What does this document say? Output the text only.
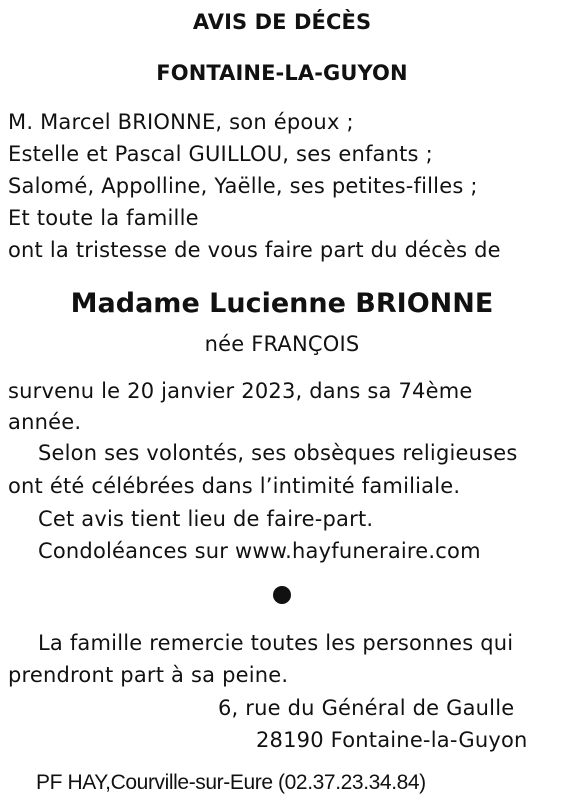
AVIS DE DÉCÈS
FONTAINE-LA-GUYON
M. Marcel BRIONNE, son époux ;
Estelle et Pascal GUILLOU, ses enfants ;
Salomé, Appolline, Yaëlle, ses petites-filles ;
Et toute la famille
ont la tristesse de vous faire part du décès de
Madame Lucienne BRIONNE
née FRANÇOIS
survenu le 20 janvier 2023, dans sa 74ème
année.
Selon ses volontés, ses obsèques religieuses
ont été célébrées dans l’intimité familiale.
Cet avis tient lieu de faire-part.
Condoléances sur www.hayfuneraire.com
La famille remercie toutes les personnes qui
prendront part à sa peine.
6, rue du Général de Gaulle
28190 Fontaine-la-Guyon
PF HAY,Courville-sur-Eure (02.37.23.34.84)
